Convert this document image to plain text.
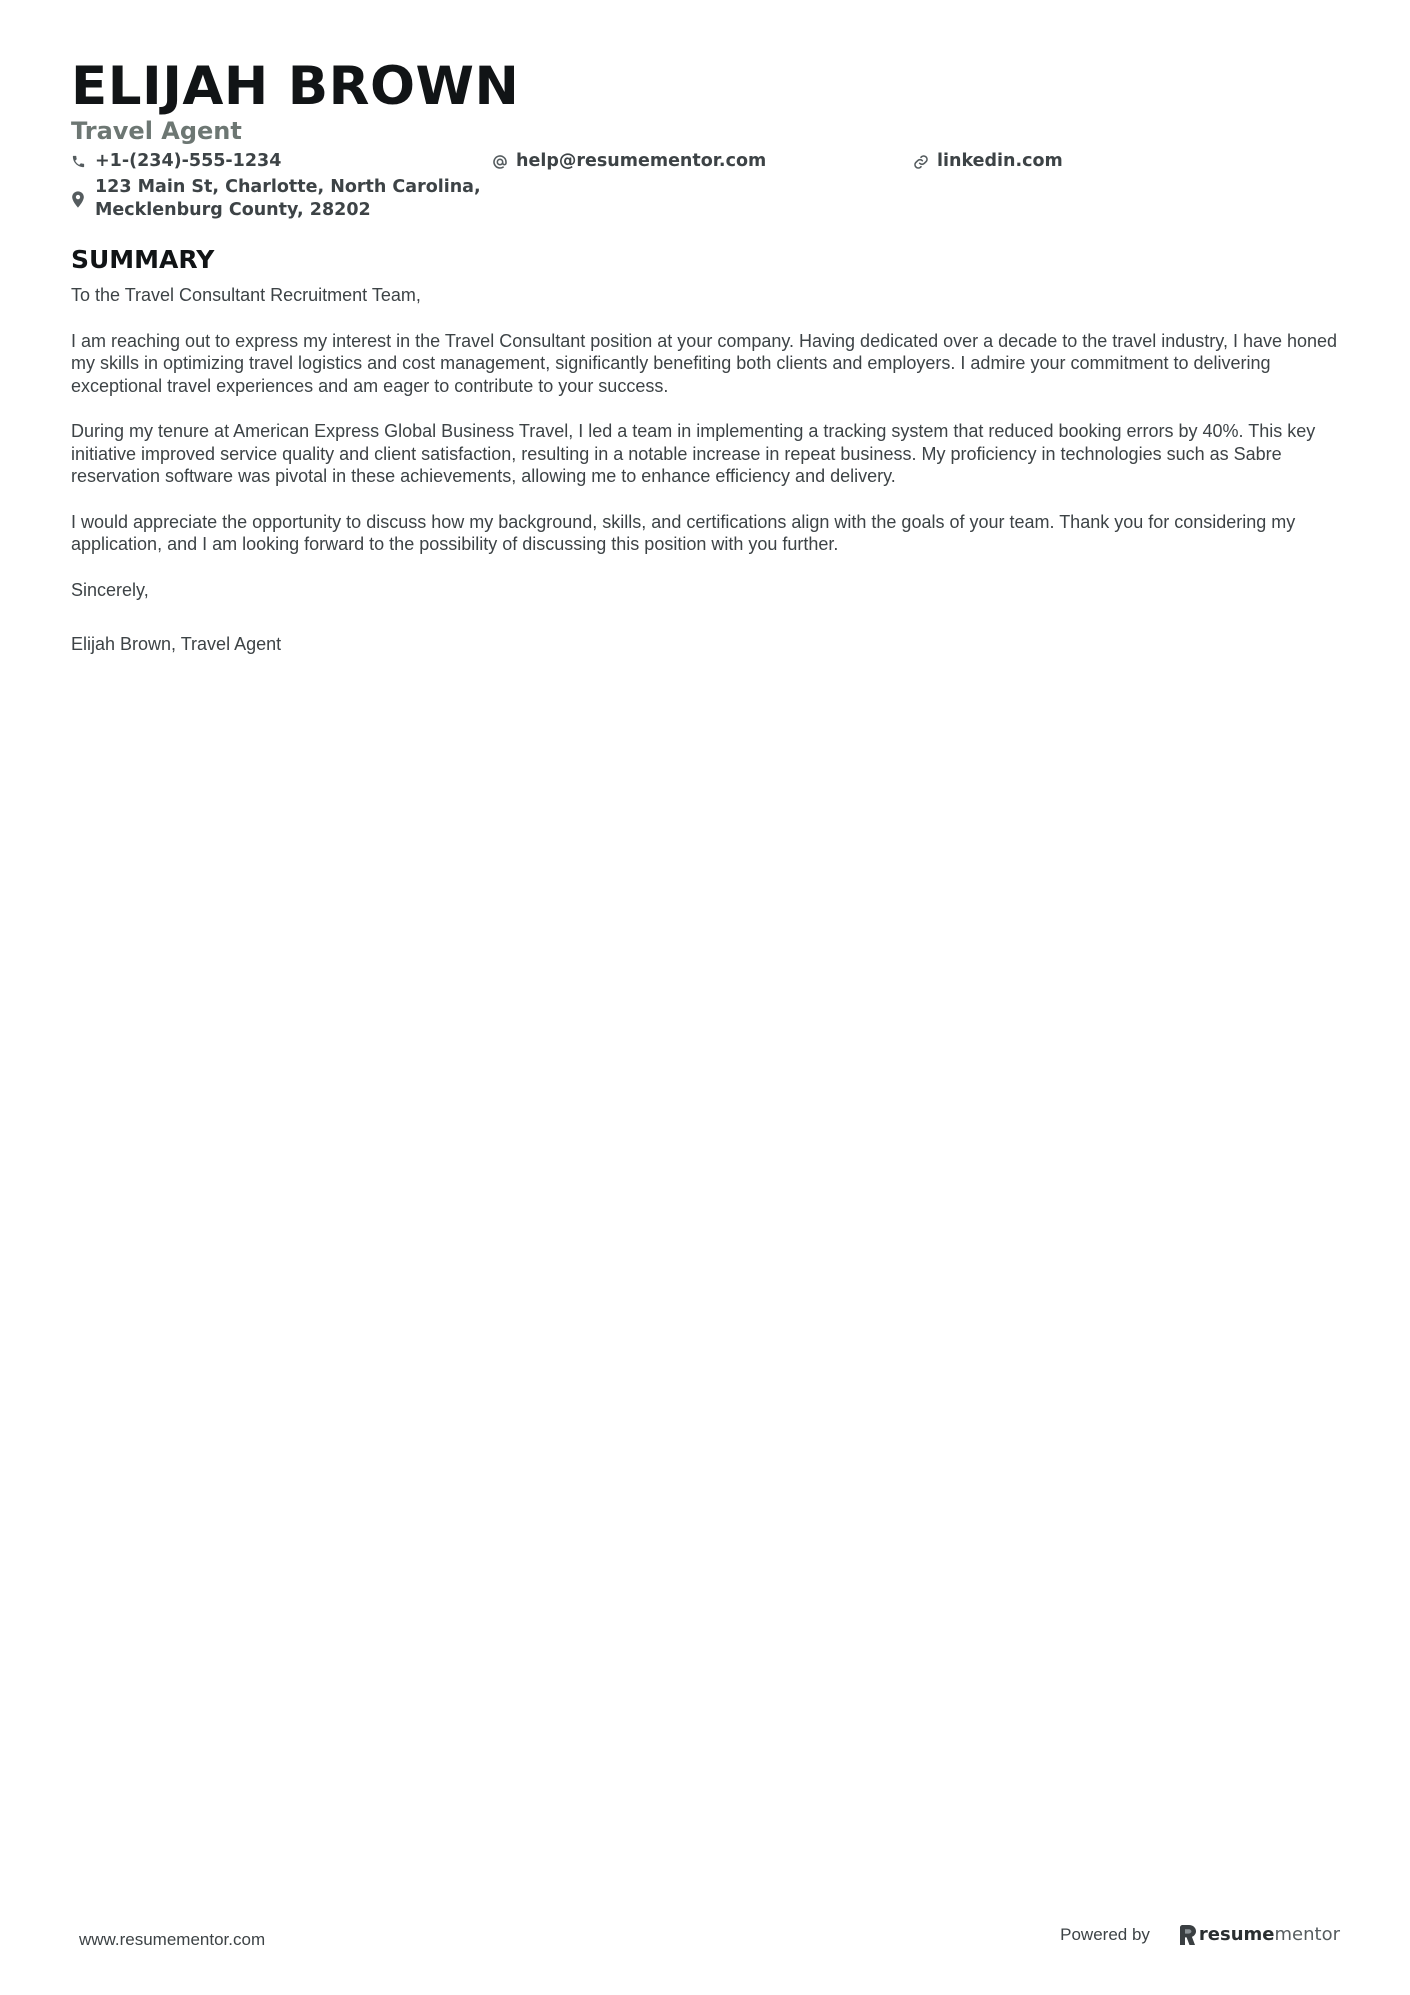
ELIJAH BROWN
Travel Agent
+1-(234)-555-1234	help@resumementor.com	linkedin.com
123 Main St, Charlotte, North Carolina,
Mecklenburg County, 28202
SUMMARY

To the Travel Consultant Recruitment Team,

I am reaching out to express my interest in the Travel Consultant position at your company. Having dedicated over a decade to the travel industry, I have honed my skills in optimizing travel logistics and cost management, significantly benefiting both clients and employers. I admire your commitment to delivering exceptional travel experiences and am eager to contribute to your success.

During my tenure at American Express Global Business Travel, I led a team in implementing a tracking system that reduced booking errors by 40%. This key initiative improved service quality and client satisfaction, resulting in a notable increase in repeat business. My proficiency in technologies such as Sabre reservation software was pivotal in these achievements, allowing me to enhance efficiency and delivery.

I would appreciate the opportunity to discuss how my background, skills, and certifications align with the goals of your team. Thank you for considering my application, and I am looking forward to the possibility of discussing this position with you further.

Sincerely,

Elijah Brown, Travel Agent

www.resumementor.com	Powered by	resume mentor
